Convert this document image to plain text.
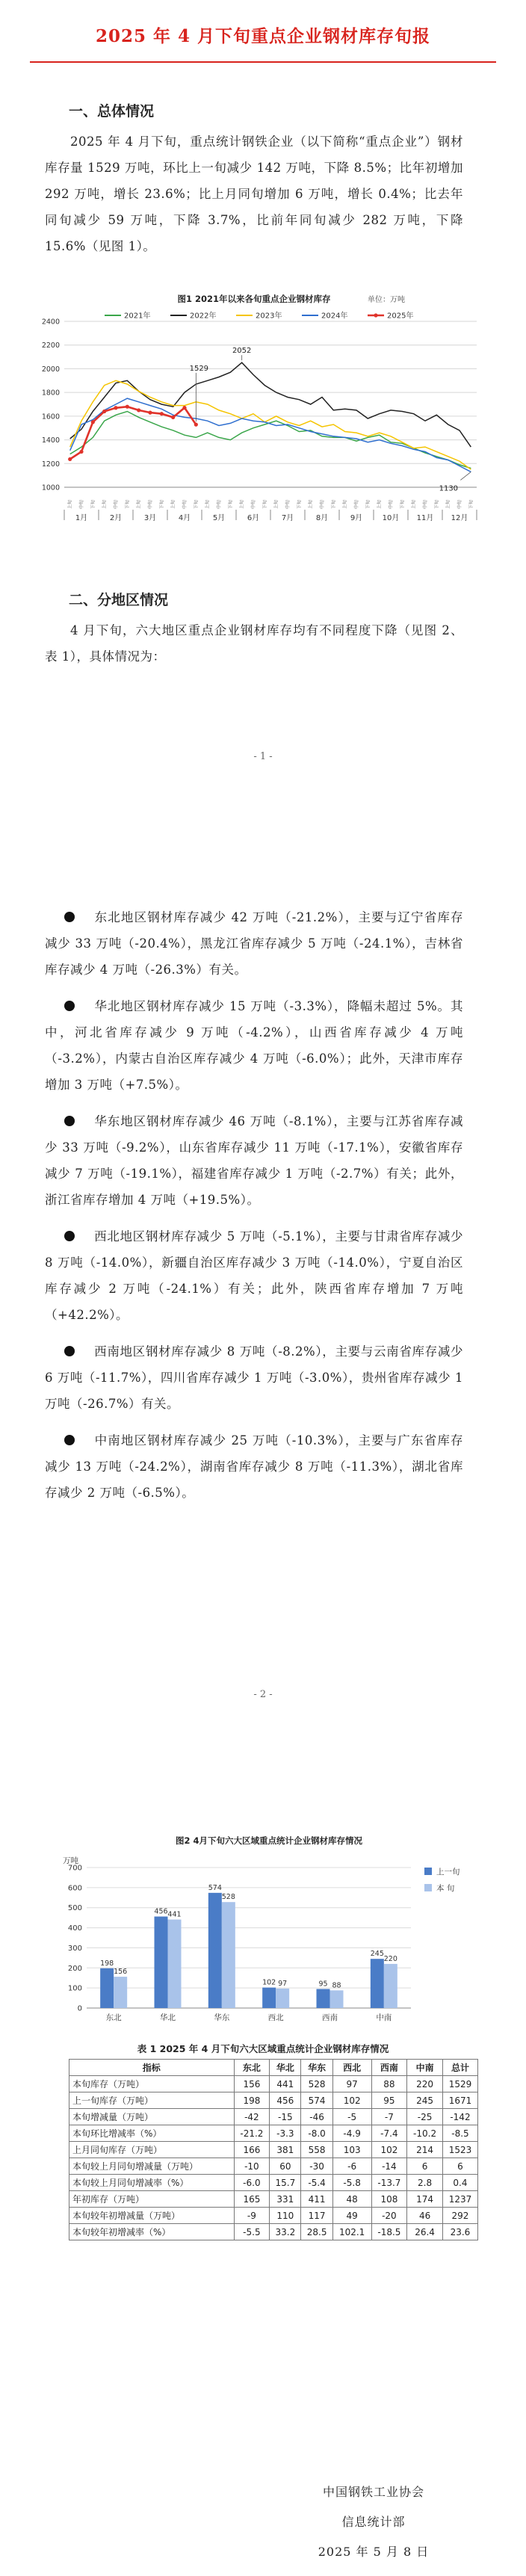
2025 年 4 月下旬重点企业钢材库存旬报
一、总体情况
2025 年 4 月下旬，重点统计钢铁企业（以下简称“重点企业”）钢材库存量 1529 万吨，环比上一旬减少 142 万吨，下降 8.5%；比年初增加 292 万吨，增长 23.6%；比上月同旬增加 6 万吨，增长 0.4%；比去年同旬减少 59 万吨，下降 3.7%，比前年同旬减少 282 万吨，下降 15.6%（见图 1）。
图1 2021年以来各旬重点企业钢材库存	单位：万吨
2021年	2022年	2023年	2024年	2025年
1000
1200
1400
1600
1800
2000
2200
2400
上旬 中旬 下旬 上旬 中旬 下旬 上旬 中旬 下旬 上旬 中旬 下旬 上旬 中旬 下旬 上旬 中旬 下旬 上旬 中旬 下旬 上旬 中旬 下旬 上旬 中旬 下旬 上旬 中旬 下旬 上旬 中旬 下旬 上旬 中旬 下旬
1月	2月	3月	4月	5月	6月	7月	8月	9月	10月 11月 12月
2052
1529
1130
二、分地区情况
4 月下旬，六大地区重点企业钢材库存均有不同程度下降（见图 2、表 1），具体情况为：
- 1 -
东北地区钢材库存减少 42 万吨（-21.2%），主要与辽宁省库存减少 33 万吨（-20.4%），黑龙江省库存减少 5 万吨（-24.1%），吉林省库存减少 4 万吨（-26.3%）有关。
华北地区钢材库存减少 15 万吨（-3.3%），降幅未超过 5%。其中，河北省库存减少 9 万吨（-4.2%），山西省库存减少 4 万吨（-3.2%），内蒙古自治区库存减少 4 万吨（-6.0%）；此外，天津市库存增加 3 万吨（+7.5%）。
华东地区钢材库存减少 46 万吨（-8.1%），主要与江苏省库存减少 33 万吨（-9.2%），山东省库存减少 11 万吨（-17.1%），安徽省库存减少 7 万吨（-19.1%），福建省库存减少 1 万吨（-2.7%）有关；此外，浙江省库存增加 4 万吨（+19.5%）。
西北地区钢材库存减少 5 万吨（-5.1%），主要与甘肃省库存减少 8 万吨（-14.0%），新疆自治区库存减少 3 万吨（-14.0%），宁夏自治区库存减少 2 万吨（-24.1%）有关；此外，陕西省库存增加 7 万吨（+42.2%）。
西南地区钢材库存减少 8 万吨（-8.2%），主要与云南省库存减少 6 万吨（-11.7%），四川省库存减少 1 万吨（-3.0%），贵州省库存减少 1 万吨（-26.7%）有关。
中南地区钢材库存减少 25 万吨（-10.3%），主要与广东省库存减少 13 万吨（-24.2%），湖南省库存减少 8 万吨（-11.3%），湖北省库存减少 2 万吨（-6.5%）。
- 2 -
图2 4月下旬六大区域重点统计企业钢材库存情况
万吨
0
100
200
300
400
500
600
700
198
156
456 441
574
528
102 97	95 88
245
220
东北	华北	华东	西北	西南	中南
上一旬
本 旬
表 1 2025 年 4 月下旬六大区域重点统计企业钢材库存情况
指标	东北	华北	华东	西北	西南	中南	总计
本旬库存（万吨）	156	441	528	97	88	220	1529
上一旬库存（万吨）	198	456	574	102	95	245	1671
本旬增减量（万吨）	-42	-15	-46	-5	-7	-25	-142
本旬环比增减率（%）	-21.2	-3.3	-8.0	-4.9	-7.4	-10.2	-8.5
上月同旬库存（万吨）	166	381	558	103	102	214	1523
本旬较上月同旬增减量（万吨）	-10	60	-30	-6	-14	6	6
本旬较上月同旬增减率（%）	-6.0	15.7	-5.4	-5.8	-13.7	2.8	0.4
年初库存（万吨）	165	331	411	48	108	174	1237
本旬较年初增减量（万吨）	-9	110	117	49	-20	46	292
本旬较年初增减率（%）	-5.5	33.2	28.5	102.1	-18.5	26.4	23.6
中国钢铁工业协会
信息统计部
2025 年 5 月 8 日
